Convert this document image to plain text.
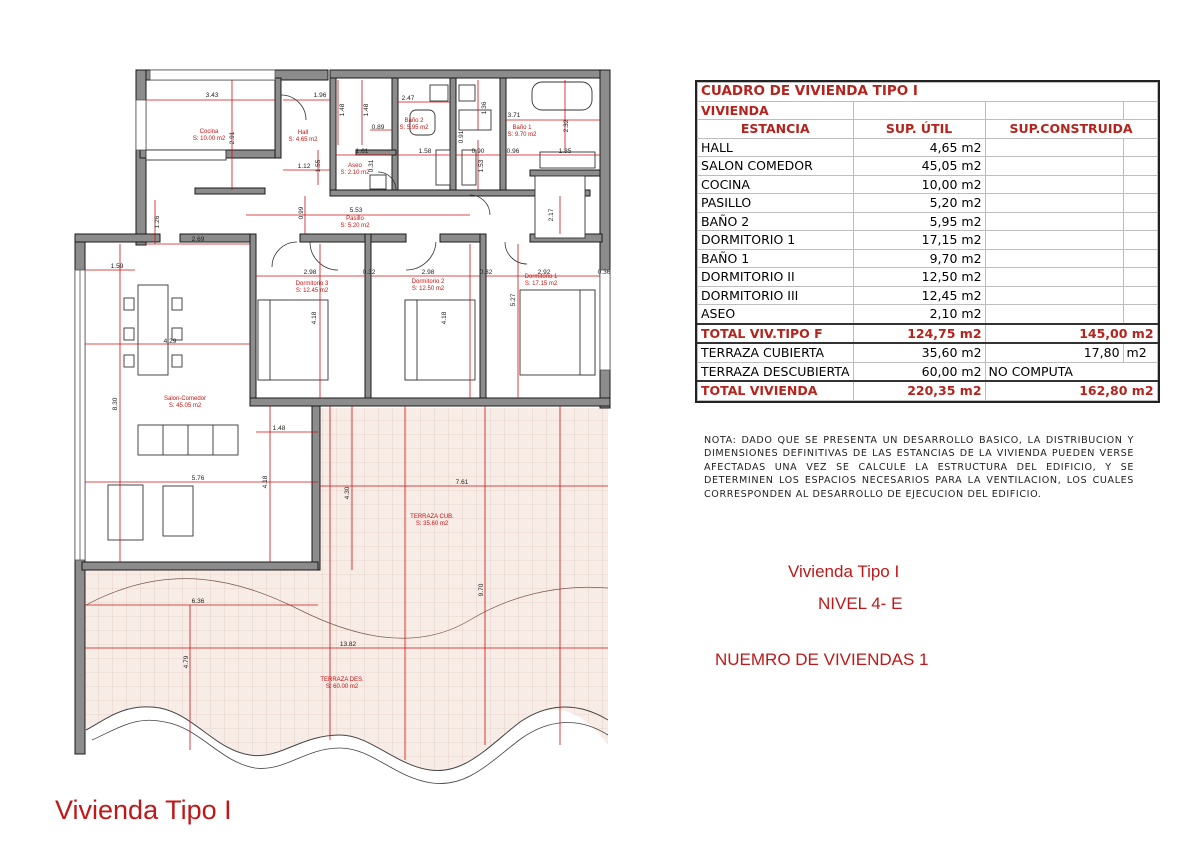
Cocina
S: 10.00 m2
Hall
S: 4.65 m2
Baño 2
S: 5.95 m2	Baño 1
S: 9.70 m2
Aseo
S: 2.10 m2
Pasillo
S: 5.20 m2
Dormitorio 3
S: 12.45 m2
Dormitorio 2
S: 12.50 m2
Dormitorio 1
S: 17.15 m2
Salon-Comedor
S: 45.05 m2
TERRAZA CUB.
S: 35.60 m2
TERRAZA DES.
S: 60.00 m2
3.43	1.96
2.91
1.48	1.48
2.47
0.89
1.36
3.71
2.32
1.61
1.12 1.55	0.31
1.58	0.90	0.96	1.85
1.53
0.91
5.53
0.99
1.26
2.69
2.17
1.59
2.98	0.32	2.98	0.32	2.92	0.36
4.18	4.18
5.27
4.29
8.30
1.48
5.76	4.18
4.30
7.61
9.70
6.36
13.82
4.79
CUADRO DE VIVIENDA TIPO I			
VIVIENDA			
ESTANCIA	SUP. ÚTIL	SUP.CONSTRUIDA	
HALL	4,65 m2		
SALON COMEDOR	45,05 m2		
COCINA	10,00 m2		
PASILLO	5,20 m2		
BAÑO 2	5,95 m2		
DORMITORIO 1	17,15 m2		
BAÑO 1	9,70 m2		
DORMITORIO II	12,50 m2		
DORMITORIO III	12,45 m2		
ASEO	2,10 m2		
TOTAL VIV.TIPO F	124,75 m2	145,00 m2	
TERRAZA CUBIERTA	35,60 m2	17,80	m2
TERRAZA DESCUBIERTA	60,00 m2	NO COMPUTA	
TOTAL VIVIENDA	220,35 m2	162,80 m2	
NOTA: DADO QUE SE PRESENTA UN DESARROLLO BASICO, LA DISTRIBUCION Y DIMENSIONES DEFINITIVAS DE LAS ESTANCIAS DE LA VIVIENDA PUEDEN VERSE AFECTADAS UNA VEZ SE CALCULE LA ESTRUCTURA DEL EDIFICIO, Y SE DETERMINEN LOS ESPACIOS NECESARIOS PARA LA VENTILACION, LOS CUALES CORRESPONDEN AL DESARROLLO DE EJECUCION DEL EDIFICIO.
Vivienda Tipo I
NIVEL 4- E
NUEMRO DE VIVIENDAS 1
Vivienda Tipo I
